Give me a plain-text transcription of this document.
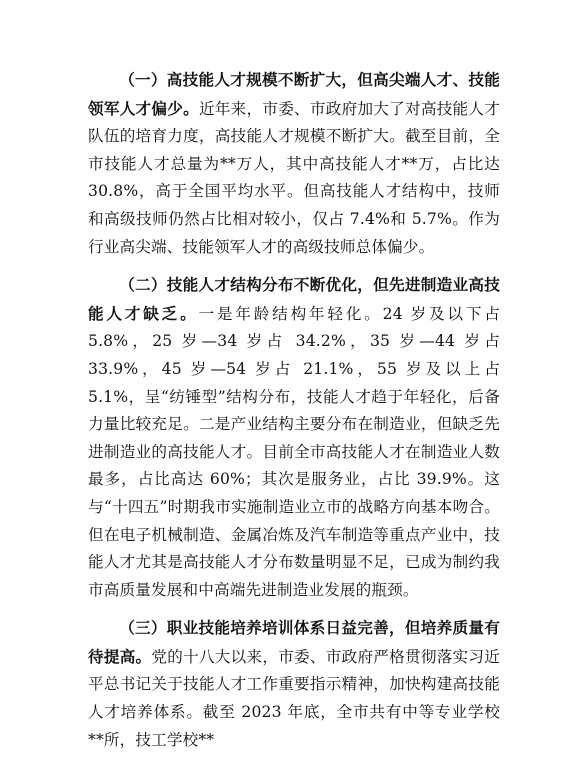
（一）高技能人才规模不断扩大，但高尖端人才、技能领军人才偏少。近年来，市委、市政府加大了对高技能人才队伍的培育力度，高技能人才规模不断扩大。截至目前，全市技能人才总量为**万人，其中高技能人才**万，占比达 30.8%，高于全国平均水平。但高技能人才结构中，技师和高级技师仍然占比相对较小，仅占 7.4%和 5.7%。作为行业高尖端、技能领军人才的高级技师总体偏少。

（二）技能人才结构分布不断优化，但先进制造业高技能人才缺乏。一是年龄结构年轻化。24 岁及以下占 5.8%，25 岁—34 岁占 34.2%，35 岁—44 岁占 33.9%，45 岁—54 岁占 21.1%，55 岁及以上占 5.1%，呈“纺锤型”结构分布，技能人才趋于年轻化，后备力量比较充足。二是产业结构主要分布在制造业，但缺乏先进制造业的高技能人才。目前全市高技能人才在制造业人数最多，占比高达 60%；其次是服务业，占比 39.9%。这与“十四五”时期我市实施制造业立市的战略方向基本吻合。但在电子机械制造、金属冶炼及汽车制造等重点产业中，技能人才尤其是高技能人才分布数量明显不足，已成为制约我市高质量发展和中高端先进制造业发展的瓶颈。

（三）职业技能培养培训体系日益完善，但培养质量有待提高。党的十八大以来，市委、市政府严格贯彻落实习近平总书记关于技能人才工作重要指示精神，加快构建高技能人才培养体系。截至 2023 年底，全市共有中等专业学校**所，技工学校**
